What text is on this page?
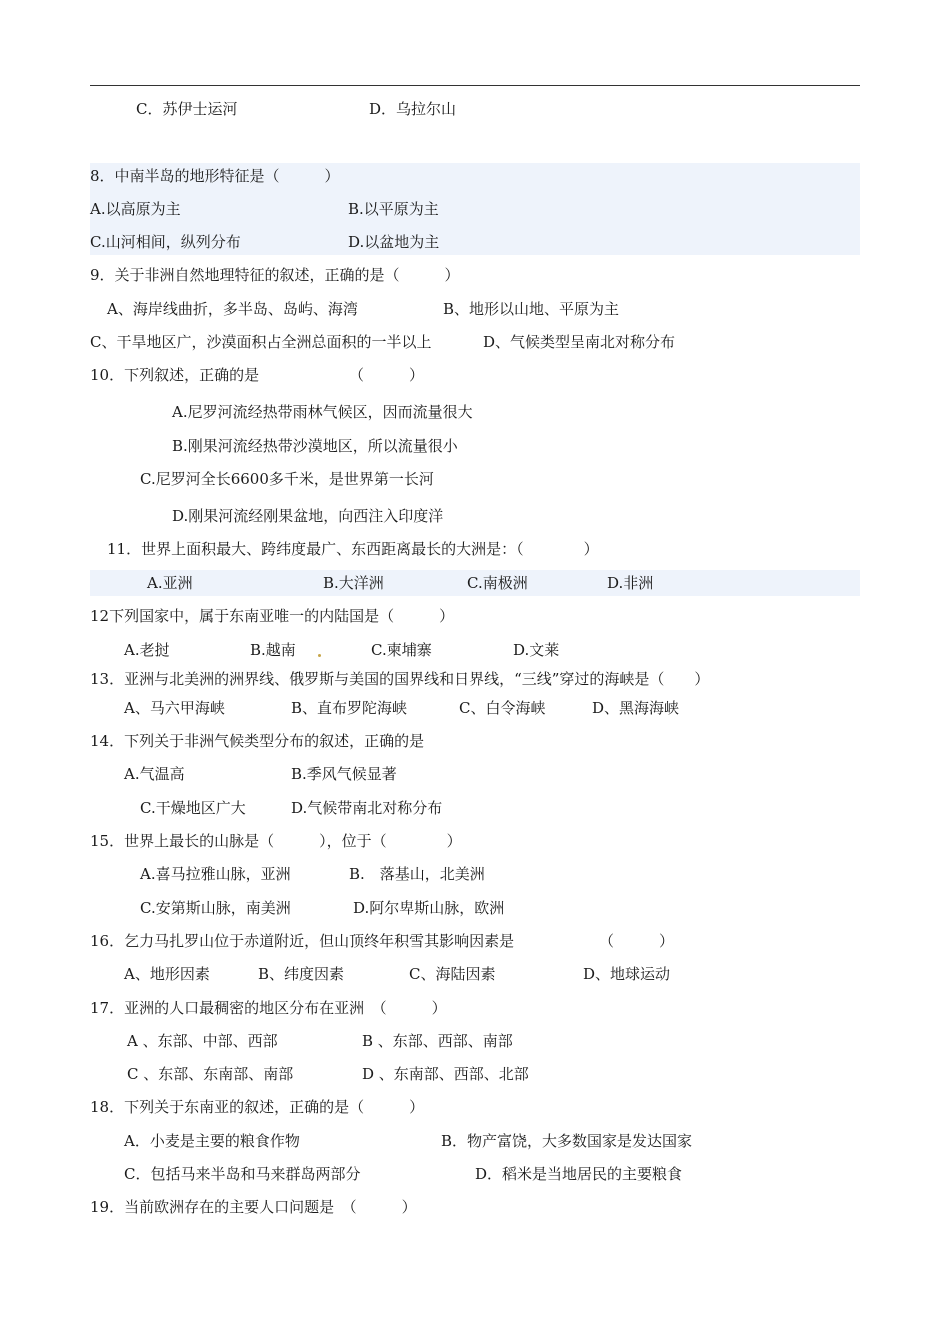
C．苏伊士运河	D．乌拉尔山
8．中南半岛的地形特征是（　　　）
A.以高原为主	B.以平原为主
C.山河相间，纵列分布	D.以盆地为主
9．关于非洲自然地理特征的叙述，正确的是（　　　）
A、海岸线曲折，多半岛、岛屿、海湾	B、地形以山地、平原为主
C、干旱地区广，沙漠面积占全洲总面积的一半以上	D、气候类型呈南北对称分布
10．下列叙述，正确的是	（　　　）
A.尼罗河流经热带雨林气候区，因而流量很大
B.刚果河流经热带沙漠地区，所以流量很小
C.尼罗河全长6600多千米，是世界第一长河
D.刚果河流经刚果盆地，向西注入印度洋
11．世界上面积最大、跨纬度最广、东西距离最长的大洲是：（　　　　）
A.亚洲	B.大洋洲	C.南极洲	D.非洲
12下列国家中，属于东南亚唯一的内陆国是（　　　）
A.老挝	B.越南	C.柬埔寨	D.文莱
13．亚洲与北美洲的洲界线、俄罗斯与美国的国界线和日界线，“三线”穿过的海峡是（　　）
A、马六甲海峡	B、直布罗陀海峡	C、白令海峡	D、黑海海峡
14．下列关于非洲气候类型分布的叙述，正确的是
A.气温高	B.季风气候显著
C.干燥地区广大	D.气候带南北对称分布
15．世界上最长的山脉是（　　　），位于（　　　　）
A.喜马拉雅山脉，亚洲	B.　落基山，北美洲
C.安第斯山脉，南美洲	D.阿尔卑斯山脉，欧洲
16．乞力马扎罗山位于赤道附近，但山顶终年积雪其影响因素是	（　　　）
A、地形因素	B、纬度因素	C、海陆因素	D、地球运动
17．亚洲的人口最稠密的地区分布在亚洲　（　　　）
A 、东部、中部、西部	B 、东部、西部、南部
C 、东部、东南部、南部	D 、东南部、西部、北部
18．下列关于东南亚的叙述，正确的是（　　　）
A．小麦是主要的粮食作物	B．物产富饶，大多数国家是发达国家
C．包括马来半岛和马来群岛两部分	D．稻米是当地居民的主要粮食
19．当前欧洲存在的主要人口问题是　（　　　）
